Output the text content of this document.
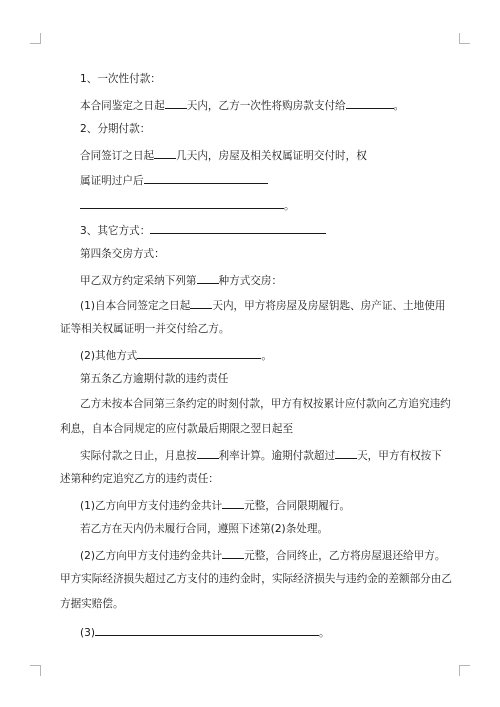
1、一次性付款：
本合同鉴定之日起 天内，乙方一次性将购房款支付给	。
2、分期付款：
合同签订之日起 几天内，房屋及相关权属证明交付时，权
属证明过户后
。
3、其它方式：
第四条交房方式：
甲乙双方约定采纳下列第 种方式交房：
(1)自本合同签定之日起 天内，甲方将房屋及房屋钥匙、房产证、土地使用
证等相关权属证明一并交付给乙方。
(2)其他方式	。
第五条乙方逾期付款的违约责任
乙方未按本合同第三条约定的时刻付款，甲方有权按累计应付款向乙方追究违约
利息，自本合同规定的应付款最后期限之翌日起至
实际付款之日止，月息按 利率计算。逾期付款超过 天，甲方有权按下
述第种约定追究乙方的违约责任：
(1)乙方向甲方支付违约金共计 元整，合同限期履行。
若乙方在天内仍未履行合同，遵照下述第(2)条处理。
(2)乙方向甲方支付违约金共计 元整，合同终止，乙方将房屋退还给甲方。
甲方实际经济损失超过乙方支付的违约金时，实际经济损失与违约金的差额部分由乙
方据实赔偿。
(3)	。
